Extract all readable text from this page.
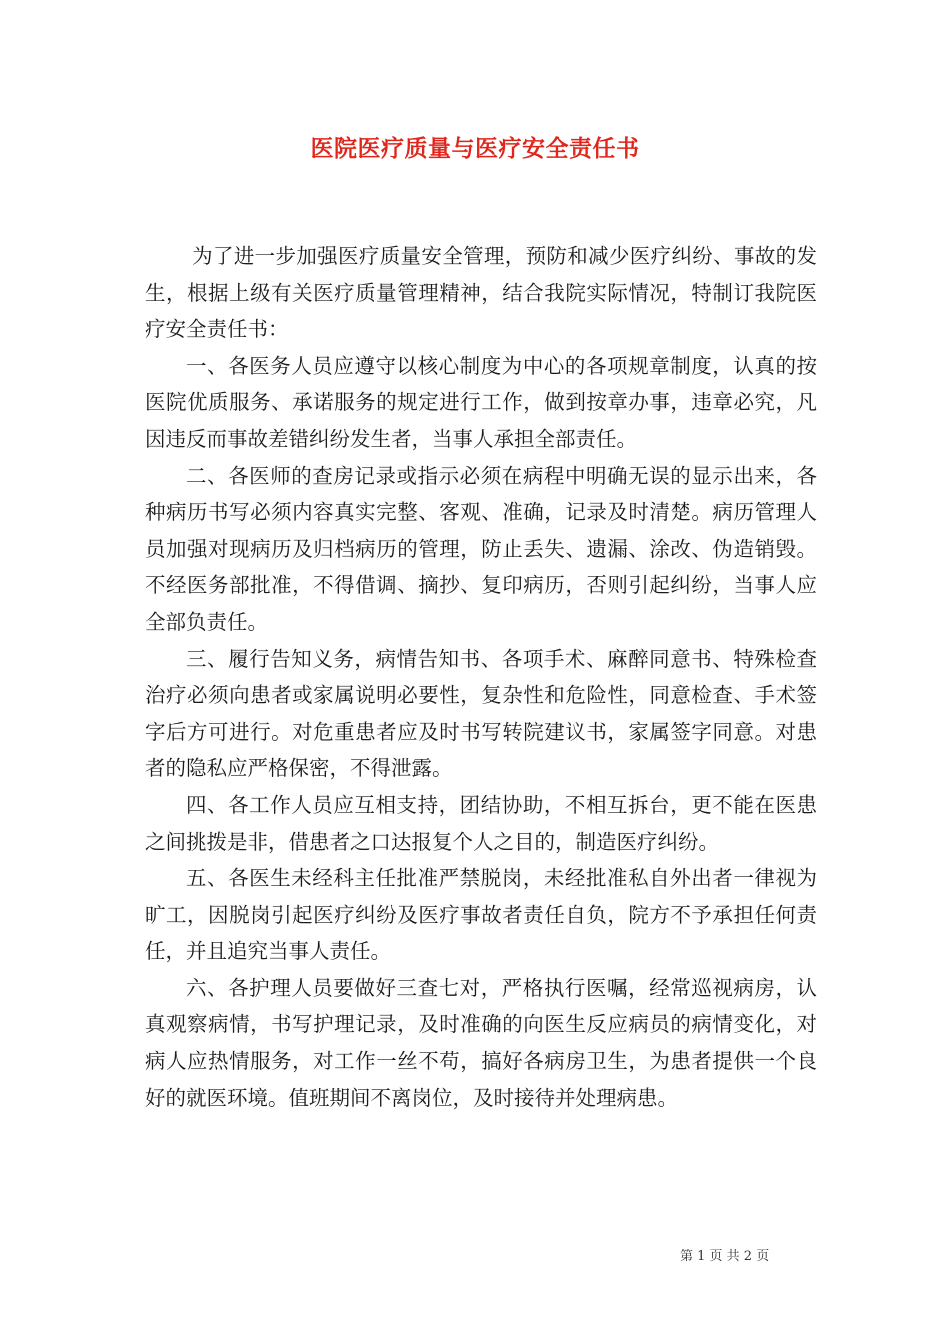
医院医疗质量与医疗安全责任书

为了进一步加强医疗质量安全管理，预防和减少医疗纠纷、事故的发生，根据上级有关医疗质量管理精神，结合我院实际情况，特制订我院医疗安全责任书：

一、各医务人员应遵守以核心制度为中心的各项规章制度，认真的按医院优质服务、承诺服务的规定进行工作，做到按章办事，违章必究，凡因违反而事故差错纠纷发生者，当事人承担全部责任。

二、各医师的查房记录或指示必须在病程中明确无误的显示出来，各种病历书写必须内容真实完整、客观、准确，记录及时清楚。病历管理人员加强对现病历及归档病历的管理，防止丢失、遗漏、涂改、伪造销毁。不经医务部批准，不得借调、摘抄、复印病历，否则引起纠纷，当事人应全部负责任。

三、履行告知义务，病情告知书、各项手术、麻醉同意书、特殊检查治疗必须向患者或家属说明必要性，复杂性和危险性，同意检查、手术签字后方可进行。对危重患者应及时书写转院建议书，家属签字同意。对患者的隐私应严格保密，不得泄露。

四、各工作人员应互相支持，团结协助，不相互拆台，更不能在医患之间挑拨是非，借患者之口达报复个人之目的，制造医疗纠纷。

五、各医生未经科主任批准严禁脱岗，未经批准私自外出者一律视为旷工，因脱岗引起医疗纠纷及医疗事故者责任自负，院方不予承担任何责任，并且追究当事人责任。

六、各护理人员要做好三查七对，严格执行医嘱，经常巡视病房，认真观察病情，书写护理记录，及时准确的向医生反应病员的病情变化，对病人应热情服务，对工作一丝不苟，搞好各病房卫生，为患者提供一个良好的就医环境。值班期间不离岗位，及时接待并处理病患。

第 1 页 共 2 页
